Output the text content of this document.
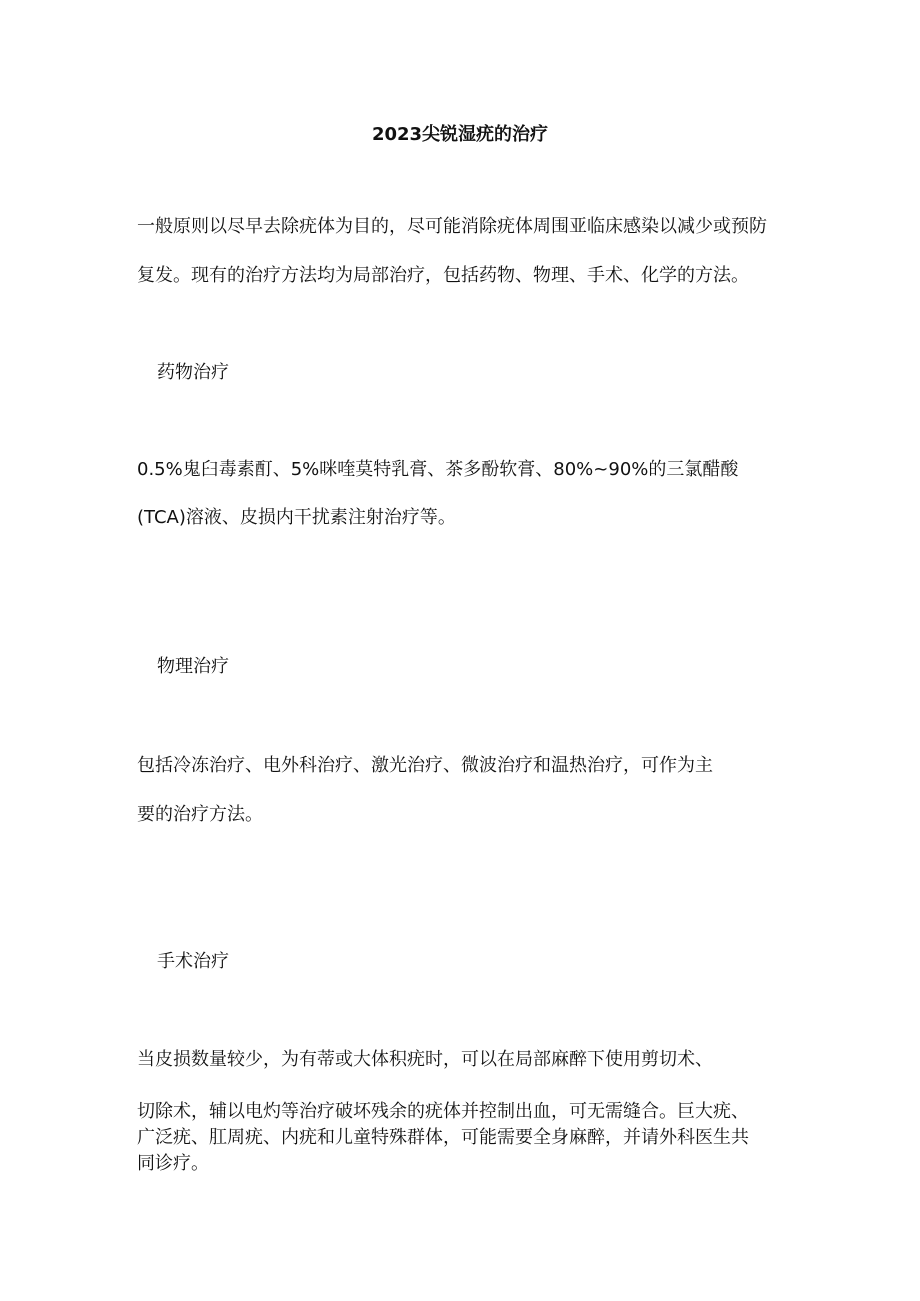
2023尖锐湿疣的治疗

一般原则以尽早去除疣体为目的，尽可能消除疣体周围亚临床感染以减少或预防

复发。现有的治疗方法均为局部治疗，包括药物、物理、手术、化学的方法。

药物治疗

0.5%鬼臼毒素酊、5%咪喹莫特乳膏、茶多酚软膏、80%~90%的三氯醋酸

(TCA)溶液、皮损内干扰素注射治疗等。

物理治疗

包括冷冻治疗、电外科治疗、激光治疗、微波治疗和温热治疗，可作为主

要的治疗方法。

手术治疗

当皮损数量较少，为有蒂或大体积疣时，可以在局部麻醉下使用剪切术、

切除术，辅以电灼等治疗破坏残余的疣体并控制出血，可无需缝合。巨大疣、

广泛疣、肛周疣、内疣和儿童特殊群体，可能需要全身麻醉，并请外科医生共

同诊疗。
